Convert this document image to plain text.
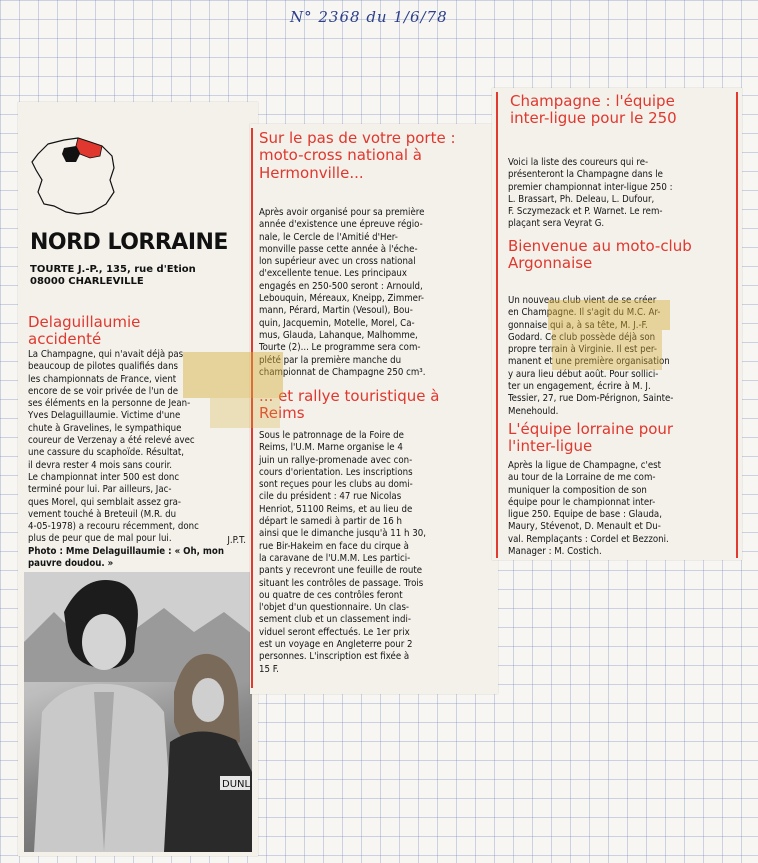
N° 2368 du 1/6/78
NORD LORRAINE
TOURTE J.-P., 135, rue d'Etion
08000 CHARLEVILLE
Delaguillaumie accidenté
La Champagne, qui n'avait déjà pas
beaucoup de pilotes qualifiés dans
les championnats de France, vient
encore de se voir privée de l'un de
ses éléments en la personne de Jean-
Yves Delaguillaumie. Victime d'une
chute à Gravelines, le sympathique
coureur de Verzenay a été relevé avec
une cassure du scaphoïde. Résultat,
il devra rester 4 mois sans courir.
Le championnat inter 500 est donc
terminé pour lui. Par ailleurs, Jac-
ques Morel, qui semblait assez gra-
vement touché à Breteuil (M.R. du
4-05-1978) a recouru récemment, donc
plus de peur que de mal pour lui.	J.P.T.
Photo : Mme Delaguillaumie : « Oh, mon pauvre doudou. »
DUNL
Sur le pas de votre porte : moto-cross national à Hermonville...
Après avoir organisé pour sa première
année d'existence une épreuve régio-
nale, le Cercle de l'Amitié d'Her-
monville passe cette année à l'éche-
lon supérieur avec un cross national
d'excellente tenue. Les principaux
engagés en 250-500 seront : Arnould,
Lebouquin, Méreaux, Kneipp, Zimmer-
mann, Pérard, Martin (Vesoul), Bou-
quin, Jacquemin, Motelle, Morel, Ca-
mus, Glauda, Lahanque, Malhomme,
Tourte (2)... Le programme sera com-
plété par la première manche du
championnat de Champagne 250 cm³.
... et rallye touristique à Reims
Sous le patronnage de la Foire de
Reims, l'U.M. Marne organise le 4
juin un rallye-promenade avec con-
cours d'orientation. Les inscriptions
sont reçues pour les clubs au domi-
cile du président : 47 rue Nicolas
Henriot, 51100 Reims, et au lieu de
départ le samedi à partir de 16 h
ainsi que le dimanche jusqu'à 11 h 30,
rue Bir-Hakeim en face du cirque à
la caravane de l'U.M.M. Les partici-
pants y recevront une feuille de route
situant les contrôles de passage. Trois
ou quatre de ces contrôles feront
l'objet d'un questionnaire. Un clas-
sement club et un classement indi-
viduel seront effectués. Le 1er prix
est un voyage en Angleterre pour 2
personnes. L'inscription est fixée à
15 F.
Champagne : l'équipe inter-ligue pour le 250
Voici la liste des coureurs qui re-
présenteront la Champagne dans le
premier championnat inter-ligue 250 :
L. Brassart, Ph. Deleau, L. Dufour,
F. Sczymezack et P. Warnet. Le rem-
plaçant sera Veyrat G.
Bienvenue au moto-club Argonnaise
Un nouveau club vient de se créer
en Champagne. Il s'agit du M.C. Ar-
gonnaise qui a, à sa tête, M. J.-F.
Godard. Ce club possède déjà son
propre terrain à Virginie. Il est per-
manent et une première organisation
y aura lieu début août. Pour sollici-
ter un engagement, écrire à M. J.
Tessier, 27, rue Dom-Pérignon, Sainte-
Menehould.
L'équipe lorraine pour l'inter-ligue
Après la ligue de Champagne, c'est
au tour de la Lorraine de me com-
muniquer la composition de son
équipe pour le championnat inter-
ligue 250. Equipe de base : Glauda,
Maury, Stévenot, D. Menault et Du-
val. Remplaçants : Cordel et Bezzoni.
Manager : M. Costich.
